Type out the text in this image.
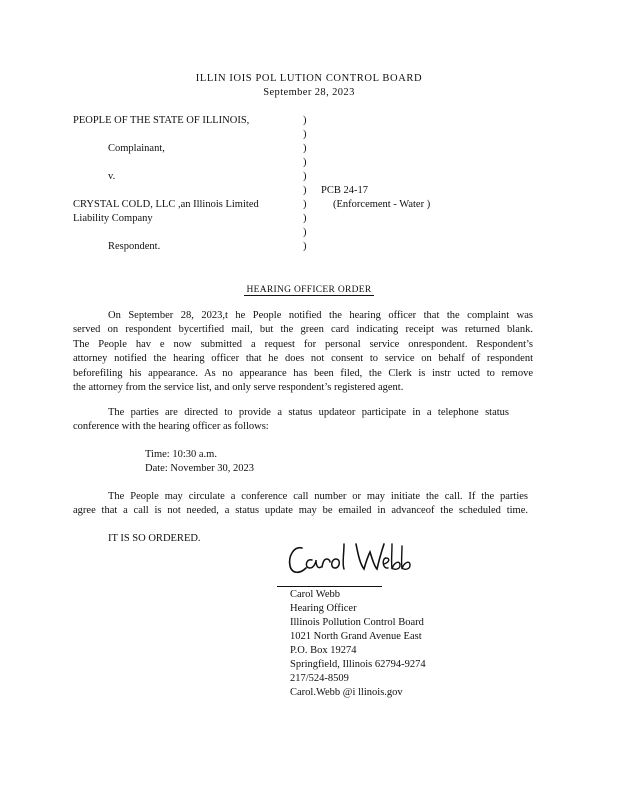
ILLIN IOIS POL LUTION CONTROL BOARD
September 28, 2023
PEOPLE OF THE STATE OF ILLINOIS,
Complainant,
v.
CRYSTAL COLD, LLC ,an Illinois Limited
Liability Company
Respondent.
)
)
)
)
)
)
)
)
)
)
PCB 24-17
(Enforcement - Water )
HEARING OFFICER ORDER
On September 28, 2023,t he People notified the hearing officer that the complaint was
served on respondent bycertified mail, but the green card indicating receipt was returned blank.
The People hav e now submitted a request for personal service onrespondent. Respondent’s
attorney notified the hearing officer that he does not consent to service on behalf of respondent
beforefiling his appearance. As no appearance has been filed, the Clerk is instr ucted to remove
the attorney from the service list, and only serve respondent’s registered agent.
The parties are directed to provide a status updateor participate in a telephone status
conference with the hearing officer as follows:
Time: 10:30 a.m.
Date: November 30, 2023
The People may circulate a conference call number or may initiate the call. If the parties
agree that a call is not needed, a status update may be emailed in advanceof the scheduled time.
IT IS SO ORDERED.
Carol Webb
Hearing Officer
Illinois Pollution Control Board
1021 North Grand Avenue East
P.O. Box 19274
Springfield, Illinois 62794-9274
217/524-8509
Carol.Webb @i llinois.gov
